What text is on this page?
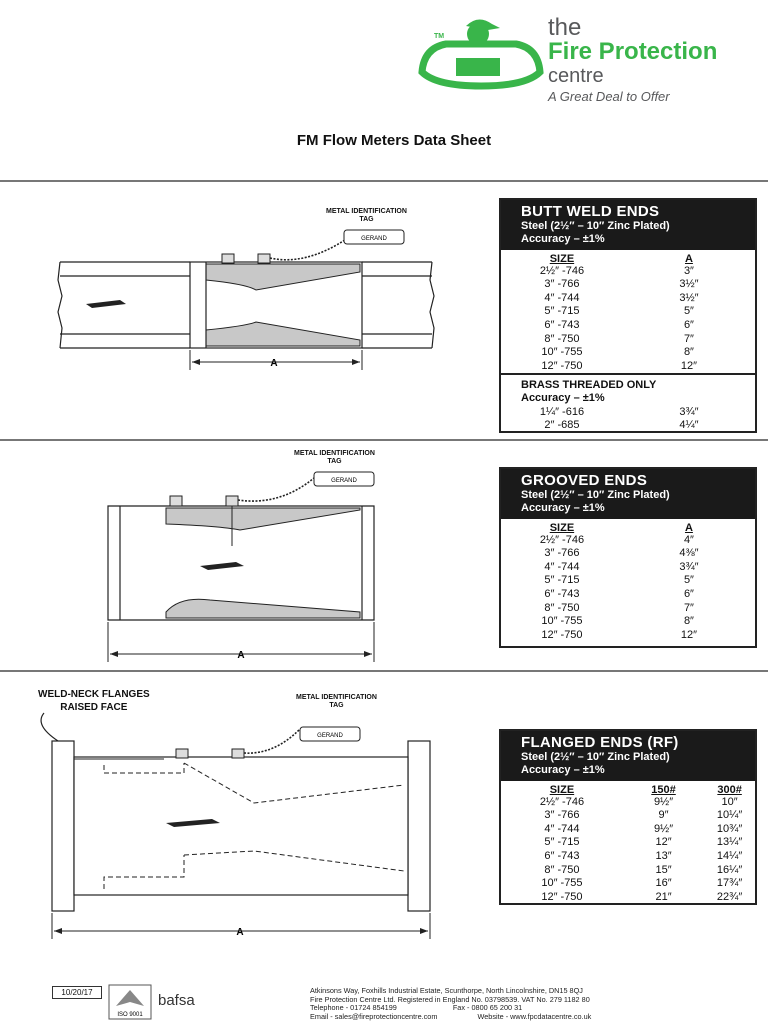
TM	the
Fire Protection
centre
A Great Deal to Offer
FM Flow Meters Data Sheet
GERAND
A
METAL IDENTIFICATION
TAG	BUTT WELD ENDS
Steel (2½″ – 10″ Zinc Plated)
Accuracy – ±1%
SIZE	A
2½″ -746	3″
3″ -766	3½″
4″ -744	3½″
5″ -715	5″
6″ -743	6″
8″ -750	7″
10″ -755	8″
12″ -750	12″
BRASS THREADED ONLY
Accuracy – ±1%
1¼″ -616	3¾″
2″ -685	4¼″
GERAND
A
METAL IDENTIFICATION
TAG
GROOVED ENDS
Steel (2½″ – 10″ Zinc Plated)
Accuracy – ±1%
SIZE	A
2½″ -746	4″
3″ -766	4⅜″
4″ -744	3¾″
5″ -715	5″
6″ -743	6″
8″ -750	7″
10″ -755	8″
12″ -750	12″
WELD-NECK FLANGES
RAISED FACE
GERAND
A
METAL IDENTIFICATION
TAG
FLANGED ENDS (RF)
Steel (2½″ – 10″ Zinc Plated)
Accuracy – ±1%
SIZE	150#	300#
2½″ -746	9½″	10″
3″ -766	9″	10¼″
4″ -744	9½″	10¾″
5″ -715	12″	13¼″
6″ -743	13″	14¼″
8″ -750	15″	16¼″
10″ -755	16″	17¾″
12″ -750	21″	22¾″
10/20/17
ISO 9001
bafsa
Atkinsons Way, Foxhills Industrial Estate, Scunthorpe, North Lincolnshire, DN15 8QJ
Fire Protection Centre Ltd. Registered in England No. 03798539. VAT No. 279 1182 80
Telephone - 01724 854199	Fax - 0800 65 200 31
Email - sales@fireprotectioncentre.com	Website - www.fpcdatacentre.co.uk
